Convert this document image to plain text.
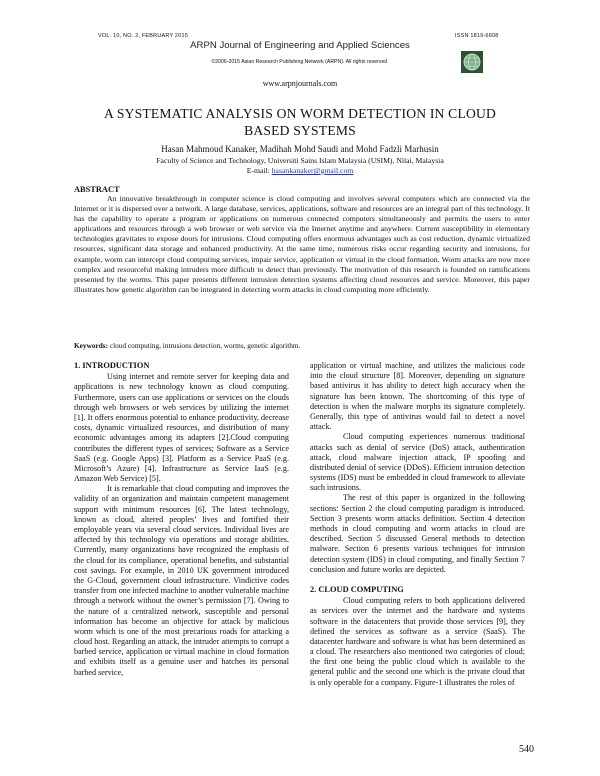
VOL. 10, NO. 2, FEBRUARY 2015	ISSN 1819-6608
ARPN Journal of Engineering and Applied Sciences
©2006-2015 Asian Research Publishing Network (ARPN). All rights reserved.
www.arpnjournals.com
A SYSTEMATIC ANALYSIS ON WORM DETECTION IN CLOUD
BASED SYSTEMS
Hasan Mahmoud Kanaker, Madihah Mohd Saudi and Mohd Fadzli Marhusin
Faculty of Science and Technology, Universiti Sains Islam Malaysia (USIM), Nilai, Malaysia
E-mail: hasankanaker@gmail.com
ABSTRACT

An innovative breakthrough in computer science is cloud computing and involves several computers which are connected via the Internet or it is dispersed over a network. A large database, services, applications, software and resources are an integral part of this technology. It has the capability to operate a program or applications on numerous connected computers simultaneously and permits the users to enter applications and resources through a web browser or web service via the Internet anytime and anywhere. Current susceptibility in elementary technologies gravitates to expose doors for intrusions. Cloud computing offers enormous advantages such as cost reduction, dynamic virtualized resources, significant data storage and enhanced productivity. At the same time, numerous risks occur regarding security and intrusions, for example, worm can intercept cloud computing services, impair service, application or virtual in the cloud formation. Worm attacks are now more complex and resourceful making intruders more difficult to detect than previously. The motivation of this research is founded on ramifications presented by the worms. This paper presents different intrusion detection systems affecting cloud resources and service. Moreover, this paper illustrates how genetic algorithm can be integrated in detecting worm attacks in cloud computing more efficiently.

Keywords: cloud computing, intrusions detection, worms, genetic algorithm.
1. INTRODUCTION

Using internet and remote server for keeping data and applications is new technology known as cloud computing. Furthermore, users can use applications or services on the clouds through web browsers or web services by utilizing the internet [1]. It offers enormous potential to enhance productivity, decrease costs, dynamic virtualized resources, and distribution of many economic advantages among its adapters [2].Cloud computing contributes the different types of services; Software as a Service SaaS (e.g. Google Apps) [3]. Platform as a Service PaaS (e.g. Microsoft’s Azure) [4]. Infrastructure as Service IaaS (e.g. Amazon Web Service) [5].

It is remarkable that cloud computing and improves the validity of an organization and maintain competent management support with minimum resources [6]. The latest technology, known as cloud, altered peoples’ lives and fortified their employable years via several cloud services. Individual lives are affected by this technology via operations and storage abilities. Currently, many organizations have recognized the emphasis of the cloud for its compliance, operational benefits, and substantial cost savings. For example, in 2010 UK government introduced the G-Cloud, government cloud infrastructure. Vindictive codes transfer from one infected machine to another vulnerable machine through a network without the owner’s permission [7]. Owing to the nature of a centralized network, susceptible and personal information has become an objective for attack by malicious worm which is one of the most precarious roads for attacking a cloud host. Regarding an attack, the intruder attempts to corrupt a barbed service, application or virtual machine in cloud formation and exhibits itself as a genuine user and hatches its personal barbed service,

application or virtual machine, and utilizes the malicious code into the cloud structure [8]. Moreover, depending on signature based antivirus it has ability to detect high accuracy when the signature has been known. The shortcoming of this type of detection is when the malware morphs its signature completely. Generally, this type of antivirus would fail to detect a novel attack.

Cloud computing experiences numerous traditional attacks such as denial of service (DoS) attack, authentication attack, cloud malware injection attack, IP spoofing and distributed denial of service (DDoS). Efficient intrusion detection systems (IDS) must be embedded in cloud framework to alleviate such intrusions.

The rest of this paper is organized in the following sections: Section 2 the cloud computing paradigm is introduced. Section 3 presents worm attacks definition. Section 4 detection methods in cloud computing and worm attacks in cloud are described. Section 5 discussed General methods to detection malware. Section 6 presents various techniques for intrusion detection system (IDS) in cloud computing, and finally Section 7 conclusion and future works are depicted.

2. CLOUD COMPUTING

Cloud computing refers to both applications delivered as services over the internet and the hardware and systems software in the datacenters that provide those services [9], they defined the services as software as a service (SaaS). The datacenter hardware and software is what has been determined as a cloud. The researchers also mentioned two categories of cloud; the first one being the public cloud which is available to the general public and the second one which is the private cloud that is only operable for a company. Figure-1 illustrates the roles of

540
